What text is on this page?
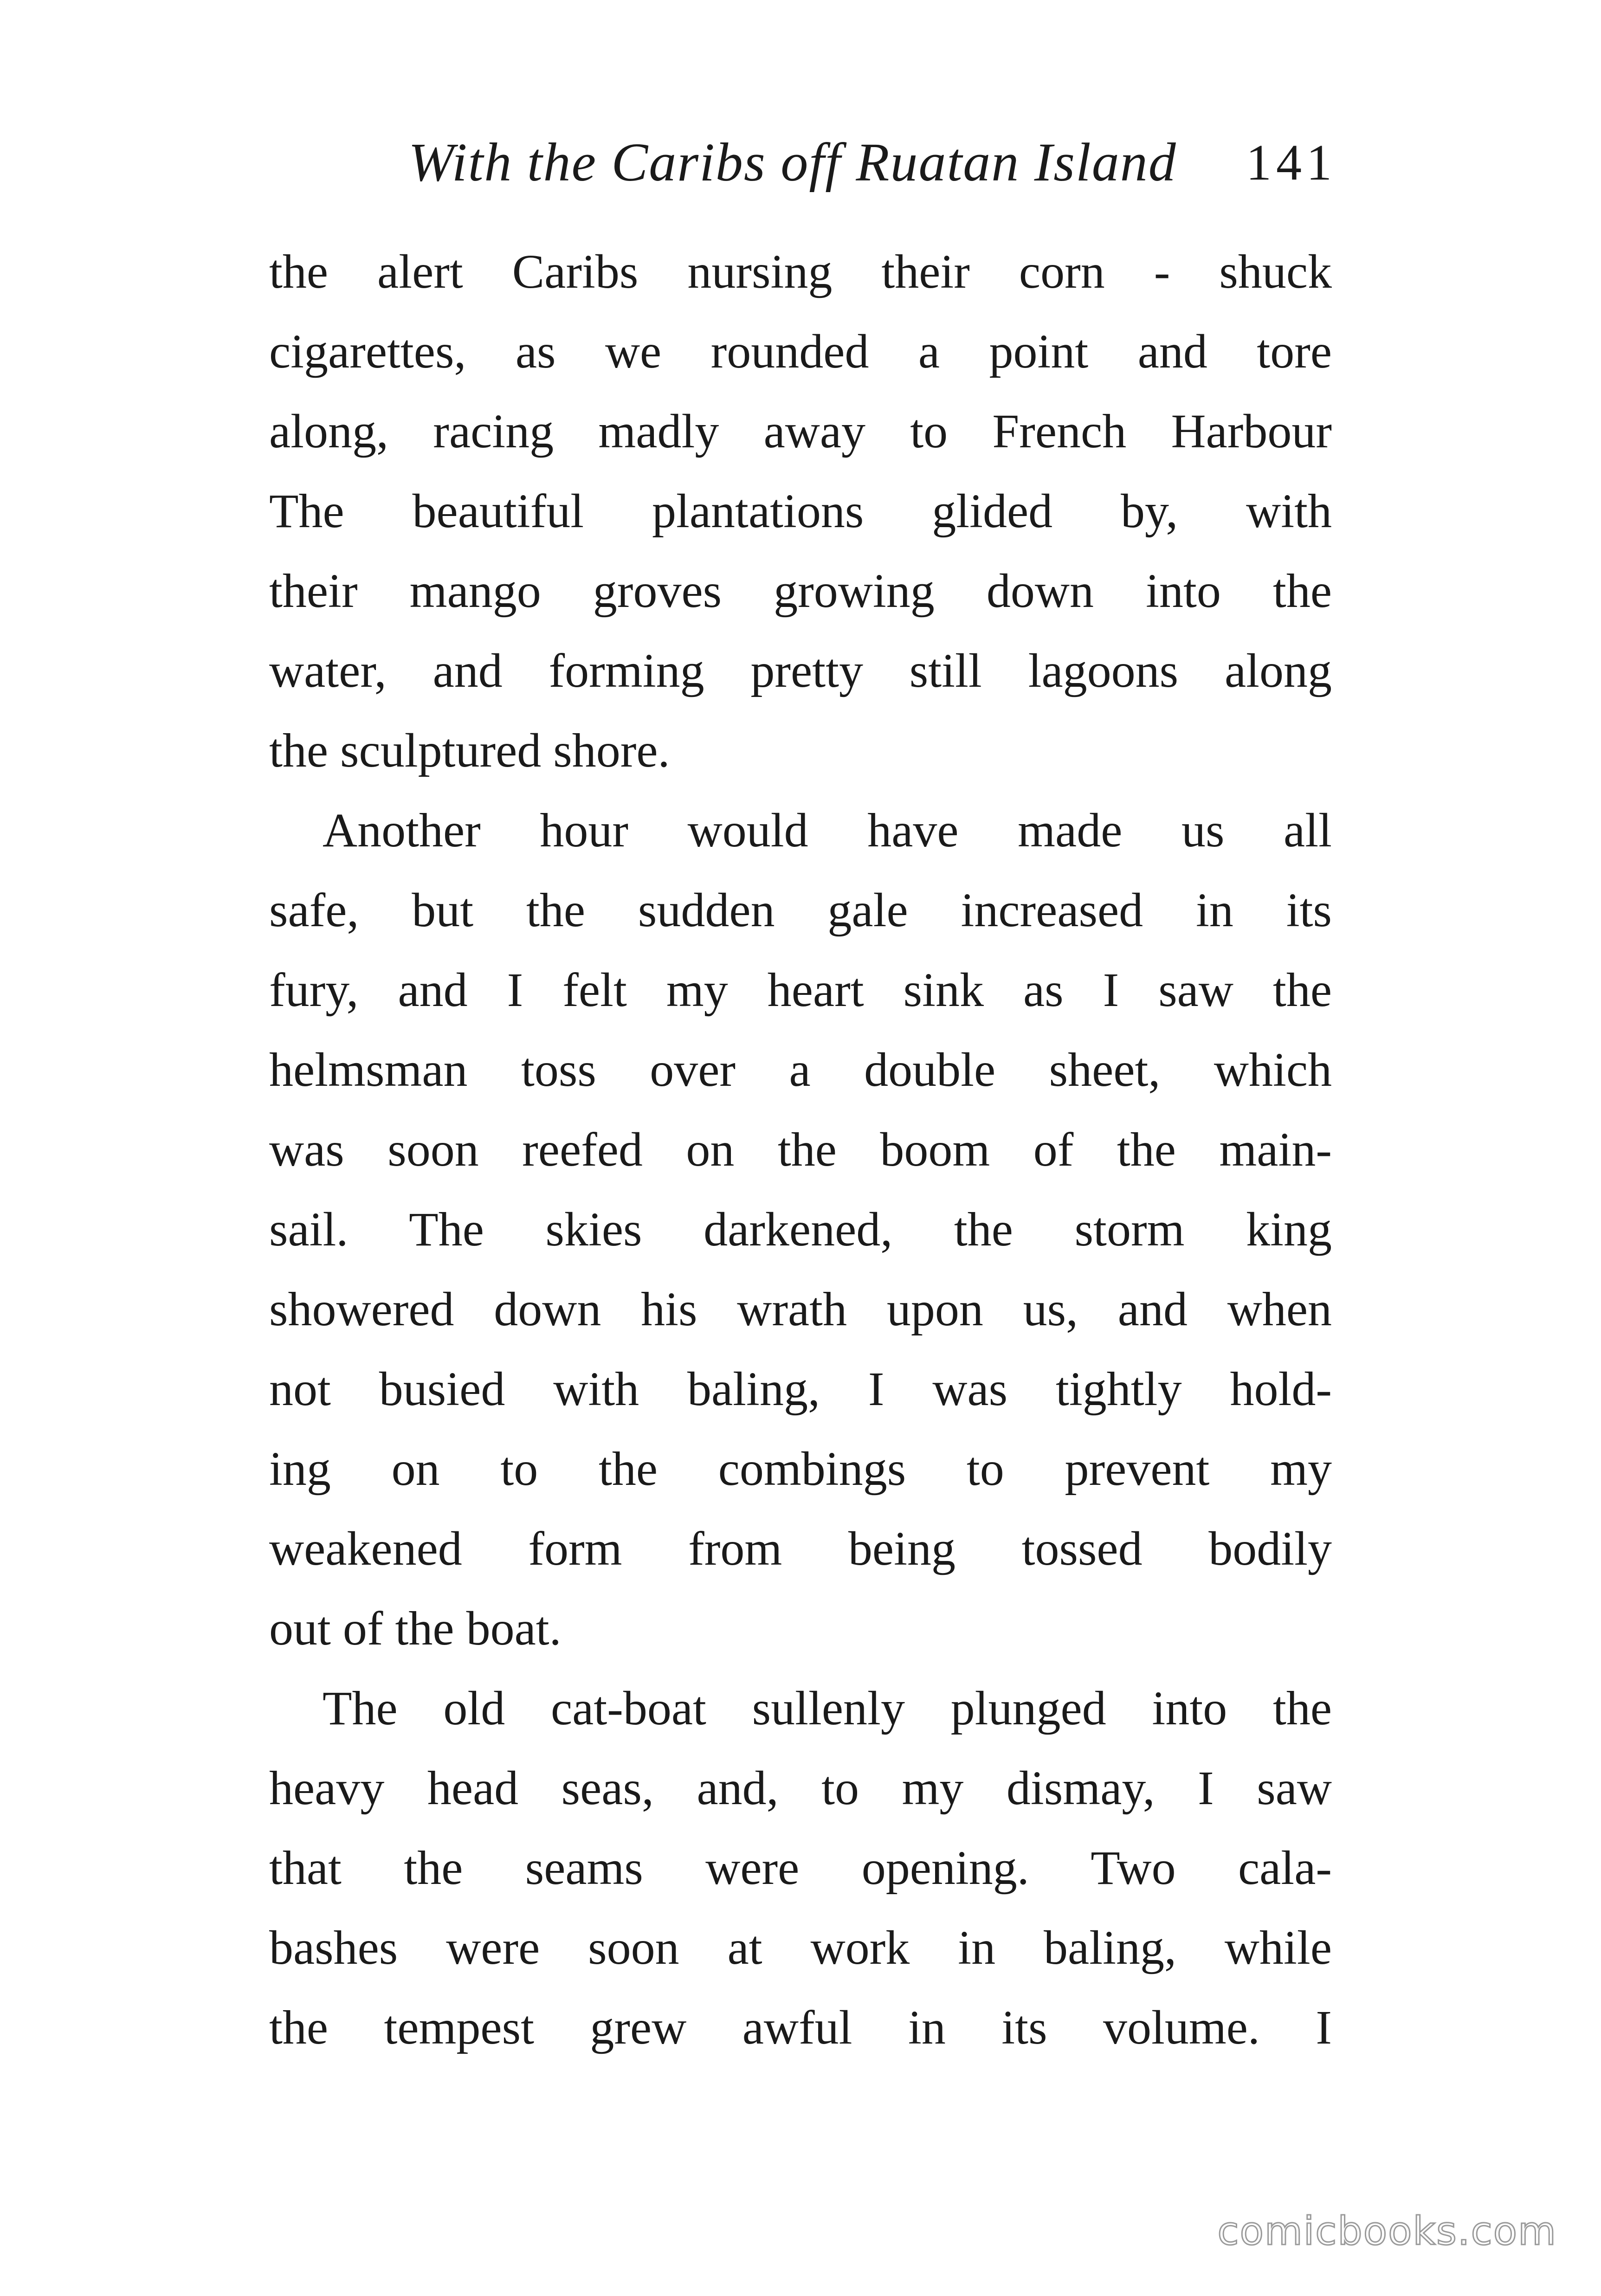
With the Caribs off Ruatan Island 141
the alert Caribs nursing their corn - shuck
cigarettes, as we rounded a point and tore
along, racing madly away to French Harbour
The beautiful plantations glided by, with
their mango groves growing down into the
water, and forming pretty still lagoons along
the sculptured shore.
Another hour would have made us all
safe, but the sudden gale increased in its
fury, and I felt my heart sink as I saw the
helmsman toss over a double sheet, which
was soon reefed on the boom of the main-
sail. The skies darkened, the storm king
showered down his wrath upon us, and when
not busied with baling, I was tightly hold-
ing on to the combings to prevent my
weakened form from being tossed bodily
out of the boat.
The old cat-boat sullenly plunged into the
heavy head seas, and, to my dismay, I saw
that the seams were opening. Two cala-
bashes were soon at work in baling, while
the tempest grew awful in its volume. I
comicbooks.com
